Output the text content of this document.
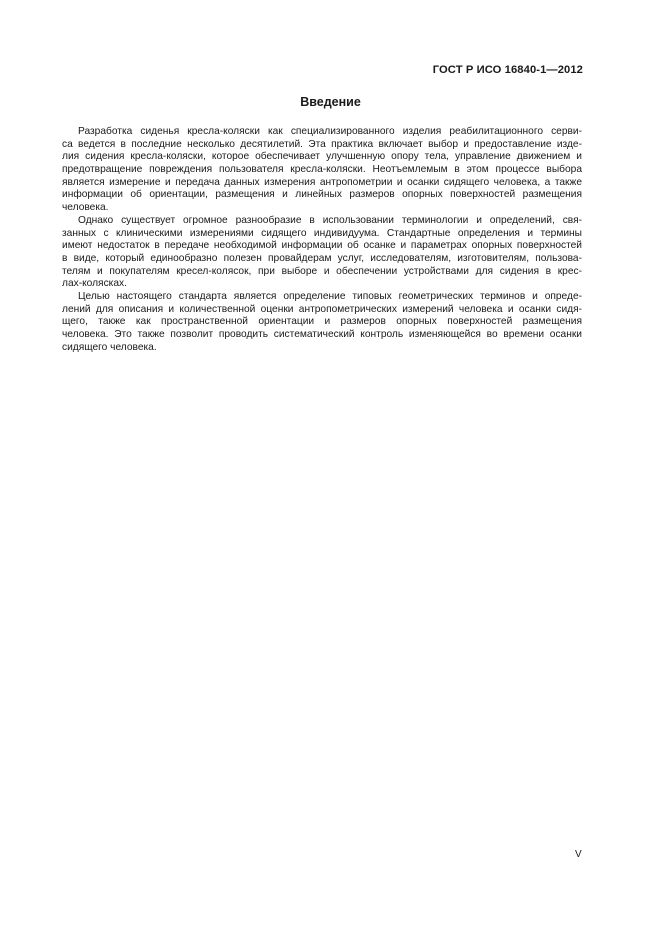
ГОСТ Р ИСО 16840-1—2012
Введение
Разработка сиденья кресла-коляски как специализированного изделия реабилитационного серви-
са ведется в последние несколько десятилетий. Эта практика включает выбор и предоставление изде-
лия сидения кресла-коляски, которое обеспечивает улучшенную опору тела, управление движением и
предотвращение повреждения пользователя кресла-коляски. Неотъемлемым в этом процессе выбора
является измерение и передача данных измерения антропометрии и осанки сидящего человека, а также
информации об ориентации, размещения и линейных размеров опорных поверхностей размещения
человека.
Однако существует огромное разнообразие в использовании терминологии и определений, свя-
занных с клиническими измерениями сидящего индивидуума. Стандартные определения и термины
имеют недостаток в передаче необходимой информации об осанке и параметрах опорных поверхностей
в виде, который единообразно полезен провайдерам услуг, исследователям, изготовителям, пользова-
телям и покупателям кресел-колясок, при выборе и обеспечении устройствами для сидения в крес-
лах-колясках.
Целью настоящего стандарта является определение типовых геометрических терминов и опреде-
лений для описания и количественной оценки антропометрических измерений человека и осанки сидя-
щего, также как пространственной ориентации и размеров опорных поверхностей размещения
человека. Это также позволит проводить систематический контроль изменяющейся во времени осанки
сидящего человека.
V
